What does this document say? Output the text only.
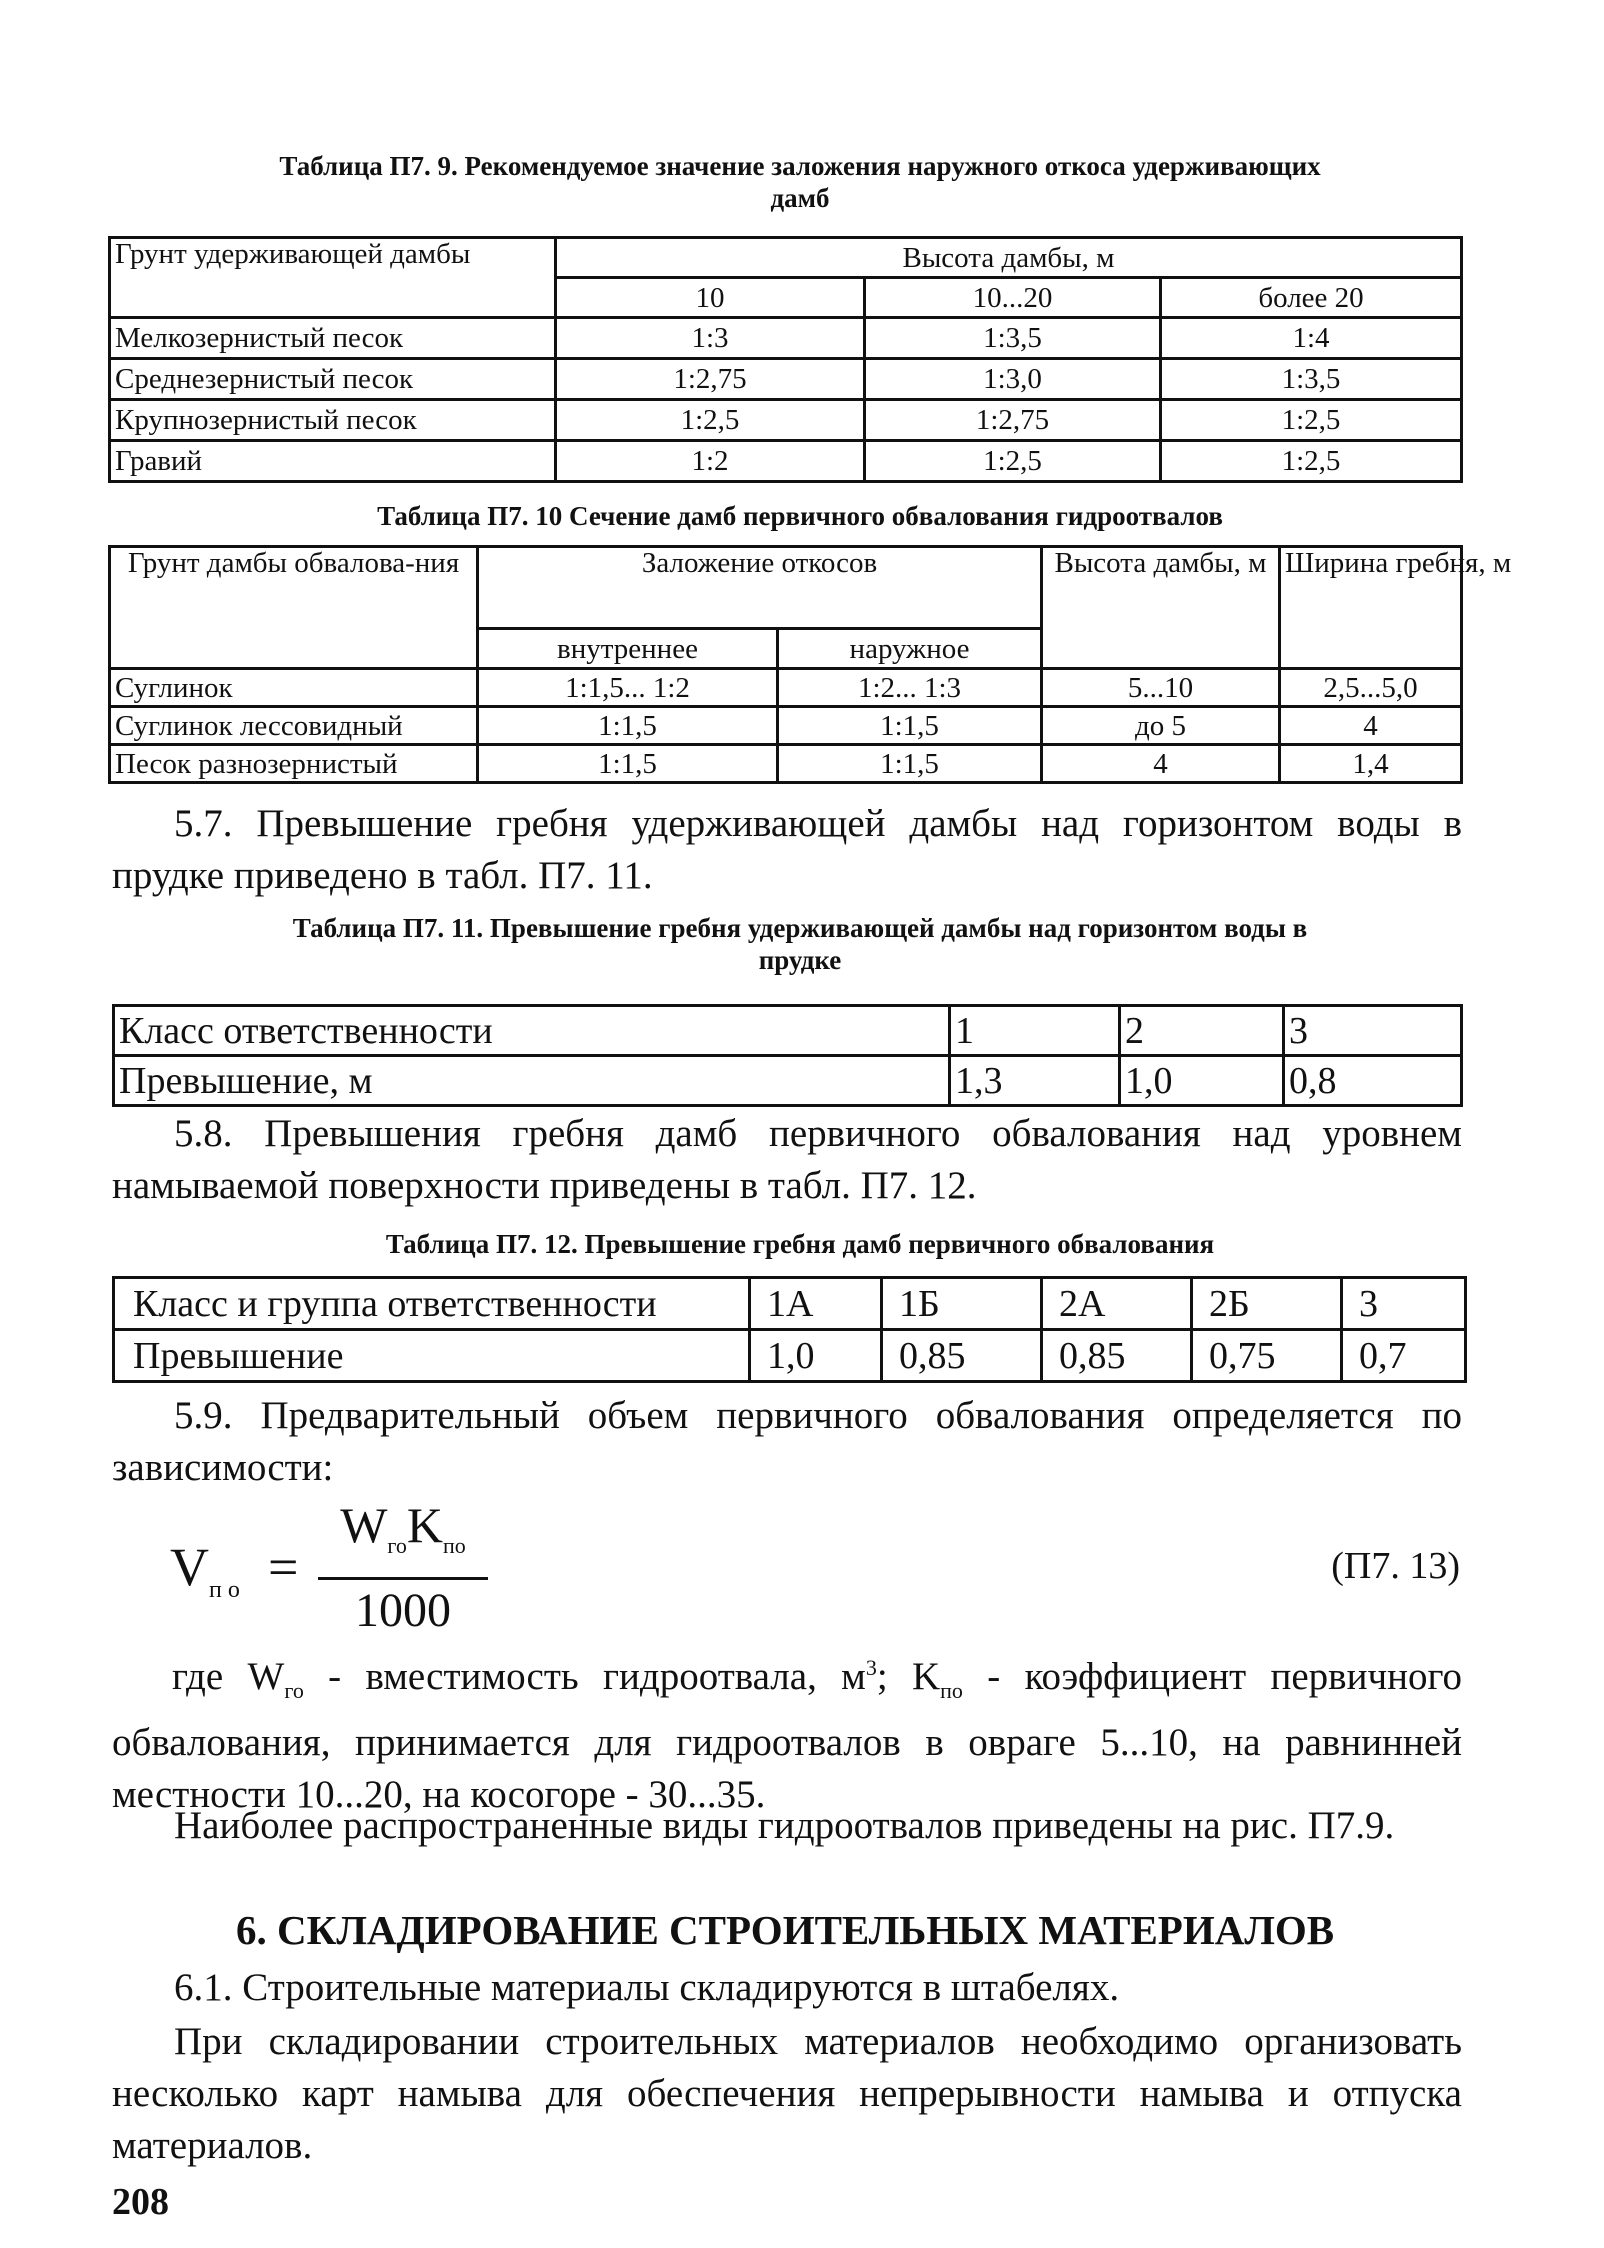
Таблица П7. 9. Рекомендуемое значение заложения наружного откоса удерживающих
дамб
Грунт удерживающей дамбы	Высота дамбы, м		
	10	10...20	более 20
Мелкозернистый песок	1:3	1:3,5	1:4
Среднезернистый песок	1:2,75	1:3,0	1:3,5
Крупнозернистый песок	1:2,5	1:2,75	1:2,5
Гравий	1:2	1:2,5	1:2,5
Таблица П7. 10 Сечение дамб первичного обвалования гидроотвалов
Грунт дамбы обвалова-ния	Заложение откосов		Высота дамбы, м	Ширина гребня, м
	внутреннее	наружное		
Суглинок	1:1,5... 1:2	1:2... 1:3	5...10	2,5...5,0
Суглинок лессовидный	1:1,5	1:1,5	до 5	4
Песок разнозернистый	1:1,5	1:1,5	4	1,4
5.7. Превышение гребня удерживающей дамбы над горизонтом воды в прудке приведено в табл. П7. 11.
Таблица П7. 11. Превышение гребня удерживающей дамбы над горизонтом воды в
прудке
Класс ответственности	1	2	3
Превышение, м	1,3	1,0	0,8
5.8. Превышения гребня дамб первичного обвалования над уровнем намываемой поверхности приведены в табл. П7. 12.
Таблица П7. 12. Превышение гребня дамб первичного обвалования
Класс и группа ответственности	1А	1Б	2А	2Б	3
Превышение	1,0	0,85	0,85	0,75	0,7
5.9. Предварительный объем первичного обвалования определяется по зависимости:
$V_{п о}$ =
$W_{го}K_{по}$
1000
(П7. 13)
где $W_{го}$ - вместимость гидроотвала, $м^3$; $K_{по}$ - коэффициент первичного обвалования, принимается для гидроотвалов в овраге 5...10, на равнинней местности 10...20, на косогоре - 30...35.
Наиболее распространенные виды гидроотвалов приведены на рис. П7.9.
6. СКЛАДИРОВАНИЕ СТРОИТЕЛЬНЫХ МАТЕРИАЛОВ
6.1. Строительные материалы складируются в штабелях.
При складировании строительных материалов необходимо организовать несколько карт намыва для обеспечения непрерывности намыва и отпуска материалов.
208
